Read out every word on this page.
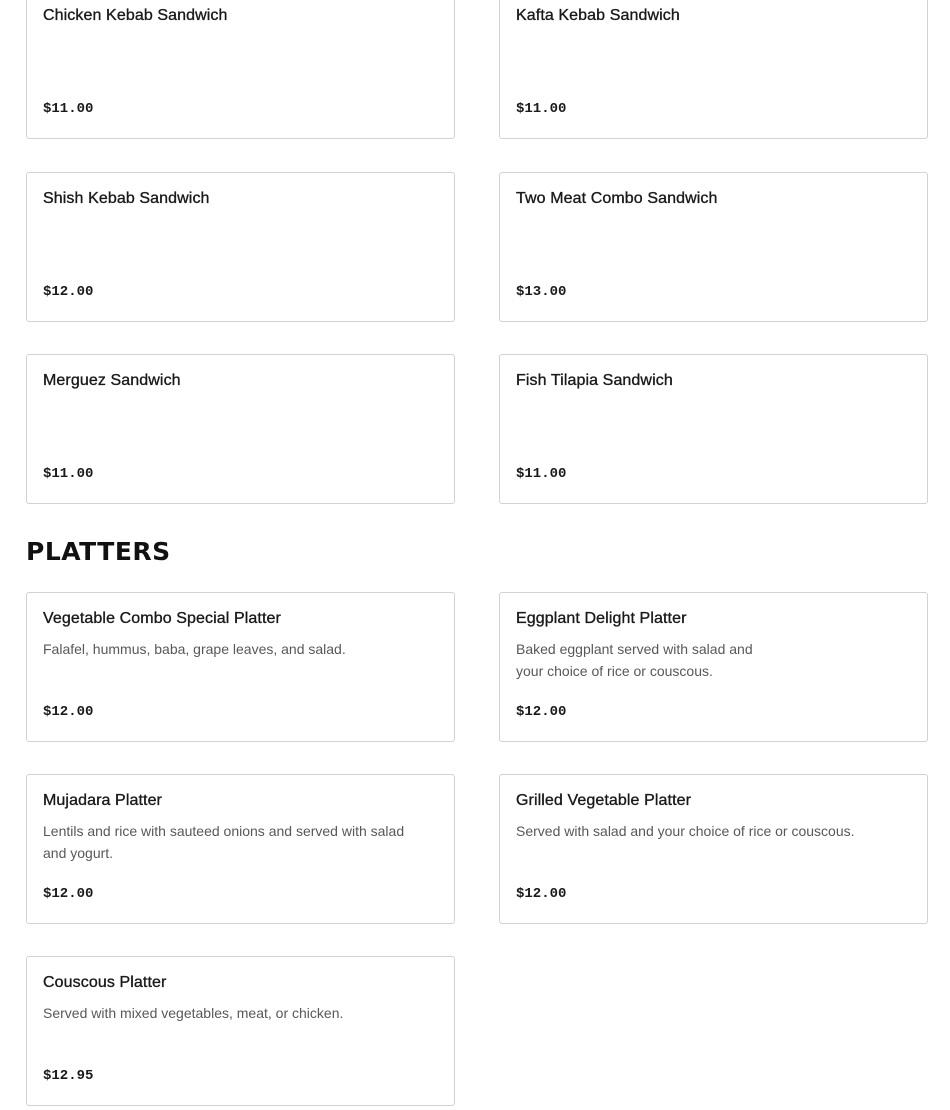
Chicken Kebab Sandwich
$11.00
Kafta Kebab Sandwich
$11.00
Shish Kebab Sandwich
$12.00
Two Meat Combo Sandwich
$13.00
Merguez Sandwich
$11.00
Fish Tilapia Sandwich
$11.00
PLATTERS
Vegetable Combo Special Platter
Falafel, hummus, baba, grape leaves, and salad.
$12.00
Eggplant Delight Platter
Baked eggplant served with salad and your choice of rice or couscous.
$12.00
Mujadara Platter
Lentils and rice with sauteed onions and served with salad and yogurt.
$12.00
Grilled Vegetable Platter
Served with salad and your choice of rice or couscous.
$12.00
Couscous Platter
Served with mixed vegetables, meat, or chicken.
$12.95
